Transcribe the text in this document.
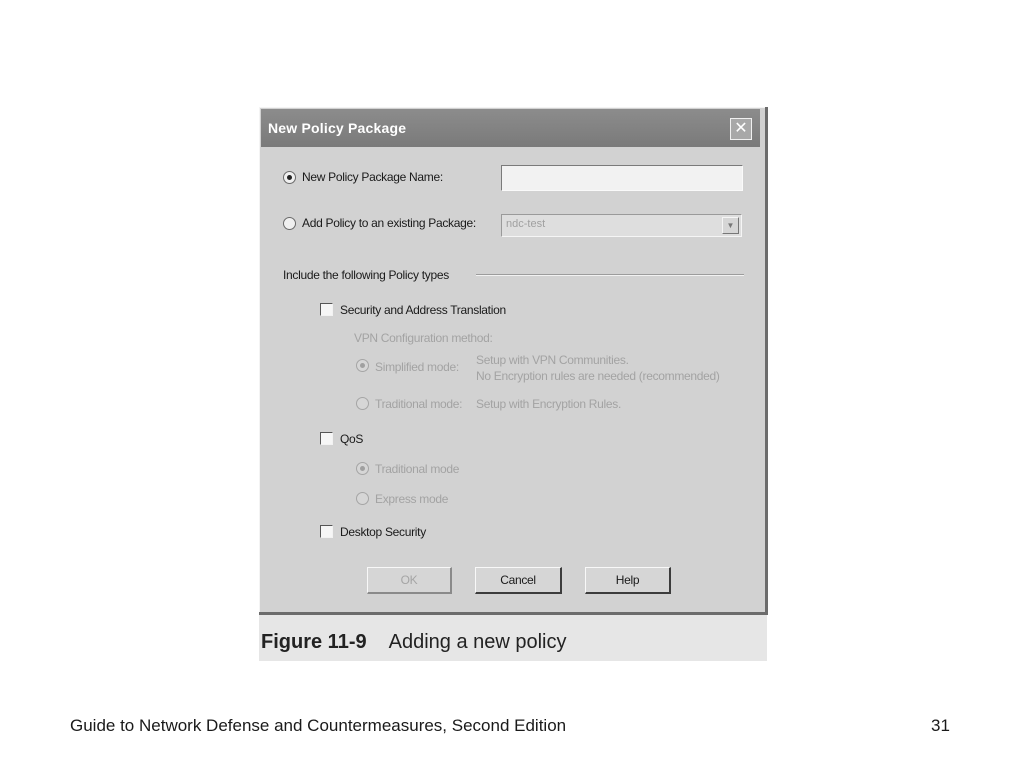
New Policy Package	✕
New Policy Package Name:
Add Policy to an existing Package:	ndc-test	▼
Include the following Policy types
Security and Address Translation
VPN Configuration method:
Simplified mode: Setup with VPN Communities.
No Encryption rules are needed (recommended)
Traditional mode: Setup with Encryption Rules.
QoS
Traditional mode
Express mode
Desktop Security
OK	Cancel	Help
Figure 11-9 Adding a new policy
Guide to Network Defense and Countermeasures, Second Edition	31
